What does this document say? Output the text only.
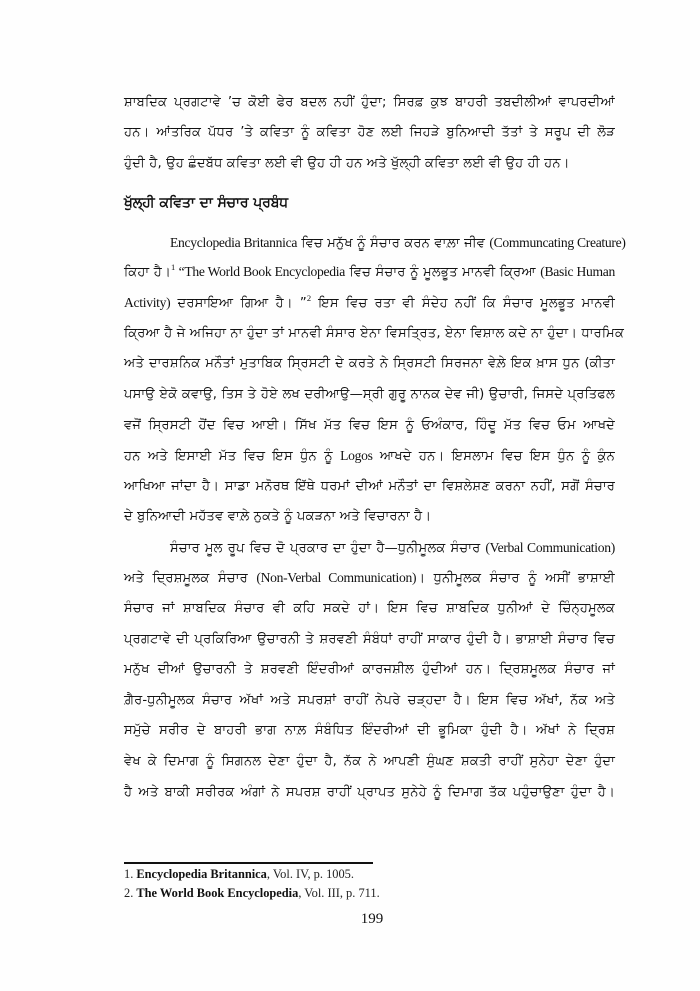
ਸ਼ਾਬਦਿਕ ਪ੍ਰਗਟਾਵੇ ’ਚ ਕੋਈ ਫੇਰ ਬਦਲ ਨਹੀਂ ਹੁੰਦਾ; ਸਿਰਫ਼ ਕੁਝ ਬਾਹਰੀ ਤਬਦੀਲੀਆਂ ਵਾਪਰਦੀਆਂ
ਹਨ। ਆਂਤਰਿਕ ਪੱਧਰ ’ਤੇ ਕਵਿਤਾ ਨੂੰ ਕਵਿਤਾ ਹੋਣ ਲਈ ਜਿਹੜੇ ਬੁਨਿਆਦੀ ਤੱਤਾਂ ਤੇ ਸਰੂਪ ਦੀ ਲੋੜ
ਹੁੰਦੀ ਹੈ, ਉਹ ਛੰਦਬੱਧ ਕਵਿਤਾ ਲਈ ਵੀ ਉਹ ਹੀ ਹਨ ਅਤੇ ਖੁੱਲ੍ਹੀ ਕਵਿਤਾ ਲਈ ਵੀ ਉਹ ਹੀ ਹਨ।
ਖੁੱਲ੍ਹੀ ਕਵਿਤਾ ਦਾ ਸੰਚਾਰ ਪ੍ਰਬੰਧ
Encyclopedia Britannica ਵਿਚ ਮਨੁੱਖ ਨੂੰ ਸੰਚਾਰ ਕਰਨ ਵਾਲ਼ਾ ਜੀਵ (Communcating Creature)
ਕਿਹਾ ਹੈ।$^1$ “The World Book Encyclopedia ਵਿਚ ਸੰਚਾਰ ਨੂੰ ਮੂਲਭੂਤ ਮਾਨਵੀ ਕ੍ਰਿਆ (Basic Human
Activity) ਦਰਸਾਇਆ ਗਿਆ ਹੈ। ”$^2$ ਇਸ ਵਿਚ ਰਤਾ ਵੀ ਸੰਦੇਹ ਨਹੀਂ ਕਿ ਸੰਚਾਰ ਮੂਲਭੂਤ ਮਾਨਵੀ
ਕ੍ਰਿਆ ਹੈ ਜੇ ਅਜਿਹਾ ਨਾ ਹੁੰਦਾ ਤਾਂ ਮਾਨਵੀ ਸੰਸਾਰ ਏਨਾ ਵਿਸਤ੍ਰਿਤ, ਏਨਾ ਵਿਸ਼ਾਲ ਕਦੇ ਨਾ ਹੁੰਦਾ। ਧਾਰਮਿਕ
ਅਤੇ ਦਾਰਸ਼ਨਿਕ ਮਨੌਤਾਂ ਮੁਤਾਬਿਕ ਸ੍ਰਿਸਟੀ ਦੇ ਕਰਤੇ ਨੇ ਸ੍ਰਿਸਟੀ ਸਿਰਜਨਾ ਵੇਲ਼ੇ ਇਕ ਖ਼ਾਸ ਧੁਨ (ਕੀਤਾ
ਪਸਾਉ ਏਕੋ ਕਵਾਉ, ਤਿਸ ਤੇ ਹੋਏ ਲਖ ਦਰੀਆਉ—ਸ੍ਰੀ ਗੁਰੂ ਨਾਨਕ ਦੇਵ ਜੀ) ਉਚਾਰੀ, ਜਿਸਦੇ ਪ੍ਰਤਿਫਲ
ਵਜੋਂ ਸ੍ਰਿਸਟੀ ਹੋਂਦ ਵਿਚ ਆਈ। ਸਿੱਖ ਮੱਤ ਵਿਚ ਇਸ ਨੂੰ ਓਅੰਕਾਰ, ਹਿੰਦੂ ਮੱਤ ਵਿਚ ਓਮ ਆਖਦੇ
ਹਨ ਅਤੇ ਇਸਾਈ ਮੱਤ ਵਿਚ ਇਸ ਧੁੰਨ ਨੂੰ Logos ਆਖਦੇ ਹਨ। ਇਸਲਾਮ ਵਿਚ ਇਸ ਧੁੰਨ ਨੂੰ ਕੁੰਨ
ਆਖਿਆ ਜਾਂਦਾ ਹੈ। ਸਾਡਾ ਮਨੋਰਥ ਇੱਥੇ ਧਰਮਾਂ ਦੀਆਂ ਮਨੌਤਾਂ ਦਾ ਵਿਸ਼ਲੇਸ਼ਣ ਕਰਨਾ ਨਹੀਂ, ਸਗੋਂ ਸੰਚਾਰ
ਦੇ ਬੁਨਿਆਦੀ ਮਹੱਤਵ ਵਾਲ਼ੇ ਨੁਕਤੇ ਨੂੰ ਪਕੜਨਾ ਅਤੇ ਵਿਚਾਰਨਾ ਹੈ।
ਸੰਚਾਰ ਮੂਲ ਰੂਪ ਵਿਚ ਦੋ ਪ੍ਰਕਾਰ ਦਾ ਹੁੰਦਾ ਹੈ—ਧੁਨੀਮੂਲਕ ਸੰਚਾਰ (Verbal Communication)
ਅਤੇ ਦ੍ਰਿਸ਼ਮੂਲਕ ਸੰਚਾਰ (Non-Verbal Communication)। ਧੁਨੀਮੂਲਕ ਸੰਚਾਰ ਨੂੰ ਅਸੀਂ ਭਾਸ਼ਾਈ
ਸੰਚਾਰ ਜਾਂ ਸ਼ਾਬਦਿਕ ਸੰਚਾਰ ਵੀ ਕਹਿ ਸਕਦੇ ਹਾਂ। ਇਸ ਵਿਚ ਸ਼ਾਬਦਿਕ ਧੁਨੀਆਂ ਦੇ ਚਿੰਨ੍ਹਮੂਲਕ
ਪ੍ਰਗਟਾਵੇ ਦੀ ਪ੍ਰਕਿਰਿਆ ਉਚਾਰਨੀ ਤੇ ਸ਼ਰਵਣੀ ਸੰਬੰਧਾਂ ਰਾਹੀਂ ਸਾਕਾਰ ਹੁੰਦੀ ਹੈ। ਭਾਸ਼ਾਈ ਸੰਚਾਰ ਵਿਚ
ਮਨੁੱਖ ਦੀਆਂ ਉਚਾਰਨੀ ਤੇ ਸ਼ਰਵਣੀ ਇੰਦਰੀਆਂ ਕਾਰਜਸ਼ੀਲ ਹੁੰਦੀਆਂ ਹਨ। ਦ੍ਰਿਸ਼ਮੂਲਕ ਸੰਚਾਰ ਜਾਂ
ਗ਼ੈਰ-ਧੁਨੀਮੂਲਕ ਸੰਚਾਰ ਅੱਖਾਂ ਅਤੇ ਸਪਰਸ਼ਾਂ ਰਾਹੀਂ ਨੇਪਰੇ ਚੜ੍ਹਦਾ ਹੈ। ਇਸ ਵਿਚ ਅੱਖਾਂ, ਨੱਕ ਅਤੇ
ਸਮੁੱਚੇ ਸਰੀਰ ਦੇ ਬਾਹਰੀ ਭਾਗ ਨਾਲ਼ ਸੰਬੰਧਿਤ ਇੰਦਰੀਆਂ ਦੀ ਭੂਮਿਕਾ ਹੁੰਦੀ ਹੈ। ਅੱਖਾਂ ਨੇ ਦ੍ਰਿਸ਼
ਵੇਖ ਕੇ ਦਿਮਾਗ ਨੂੰ ਸਿਗਨਲ ਦੇਣਾ ਹੁੰਦਾ ਹੈ, ਨੱਕ ਨੇ ਆਪਣੀ ਸੁੰਘਣ ਸ਼ਕਤੀ ਰਾਹੀਂ ਸੁਨੇਹਾ ਦੇਣਾ ਹੁੰਦਾ
ਹੈ ਅਤੇ ਬਾਕੀ ਸਰੀਰਕ ਅੰਗਾਂ ਨੇ ਸਪਰਸ਼ ਰਾਹੀਂ ਪ੍ਰਾਪਤ ਸੁਨੇਹੇ ਨੂੰ ਦਿਮਾਗ ਤੱਕ ਪਹੁੰਚਾਉਣਾ ਹੁੰਦਾ ਹੈ।
1. Encyclopedia Britannica, Vol. IV, p. 1005.
2. The World Book Encyclopedia, Vol. III, p. 711.
199
